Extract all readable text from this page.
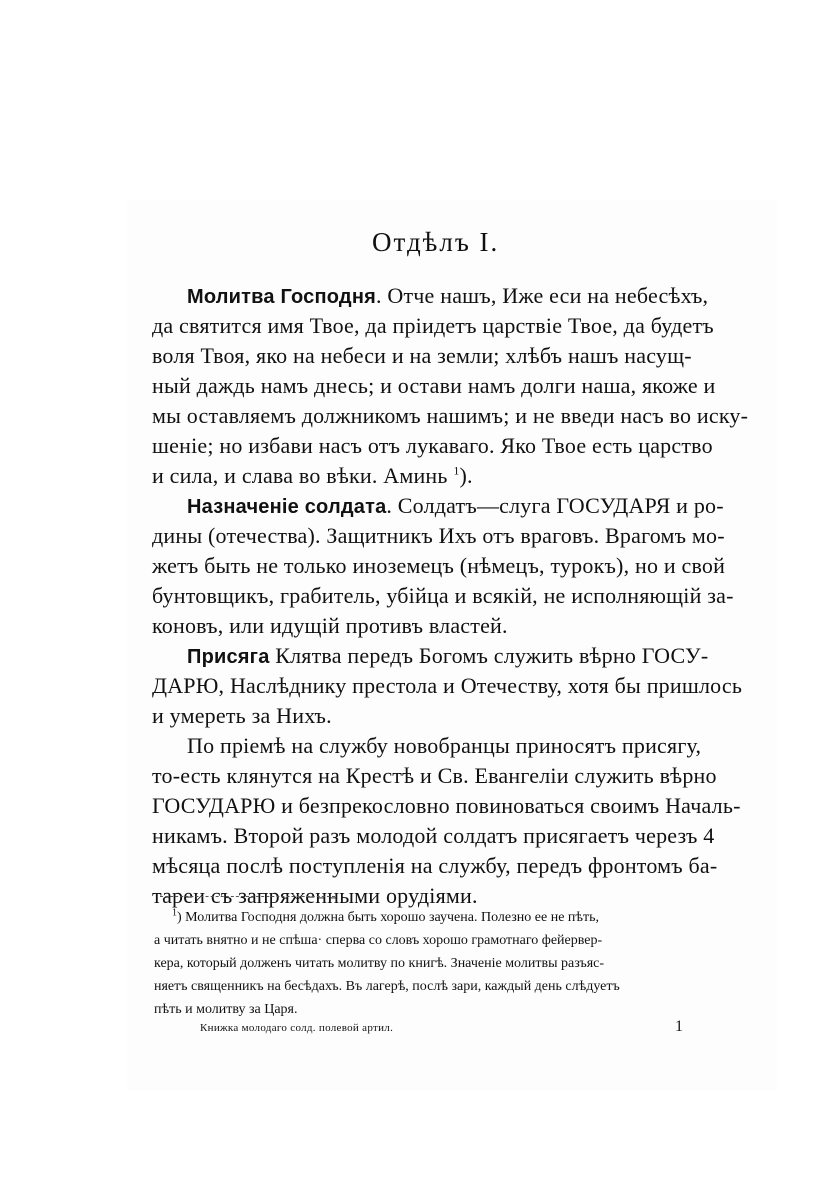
Отдѣлъ I.
Молитва Господня. Отче нашъ, Иже еси на небесѣхъ,
да святится имя Твое, да пріидетъ царствіе Твое, да будетъ
воля Твоя, яко на небеси и на земли; хлѣбъ нашъ насущ-
ный даждь намъ днесь; и остави намъ долги наша, якоже и
мы оставляемъ должникомъ нашимъ; и не введи насъ во иску-
шеніе; но избави насъ отъ лукаваго. Яко Твое есть царство
и сила, и слава во вѣки. Аминь $^1$).
Назначеніе солдата. Солдатъ—слуга ГОСУДАРЯ и ро-
дины (отечества). Защитникъ Ихъ отъ враговъ. Врагомъ мо-
жетъ быть не только иноземецъ (нѣмецъ, турокъ), но и свой
бунтовщикъ, грабитель, убійца и всякій, не исполняющій за-
коновъ, или идущій противъ властей.
Присяга Клятва передъ Богомъ служить вѣрно ГОСУ-
ДАРЮ, Наслѣднику престола и Отечеству, хотя бы пришлось
и умереть за Нихъ.
По пріемѣ на службу новобранцы приносятъ присягу,
то-есть клянутся на Крестѣ и Св. Евангеліи служить вѣрно
ГОСУДАРЮ и безпрекословно повиноваться своимъ Началь-
никамъ. Второй разъ молодой солдатъ присягаетъ черезъ 4
мѣсяца послѣ поступленія на службу, передъ фронтомъ ба-
тареи съ запряженными орудіями.
$^1$) Молитва Господня должна быть хорошо заучена. Полезно ее не пѣть,
а читать внятно и не спѣша· сперва со словъ хорошо грамотнаго фейервер-
кера, который долженъ читать молитву по книгѣ. Значеніе молитвы разъяс-
няетъ священникъ на бесѣдахъ. Въ лагерѣ, послѣ зари, каждый день слѣдуетъ
пѣть и молитву за Царя.
Книжка молодаго солд. полевой артил.	1
